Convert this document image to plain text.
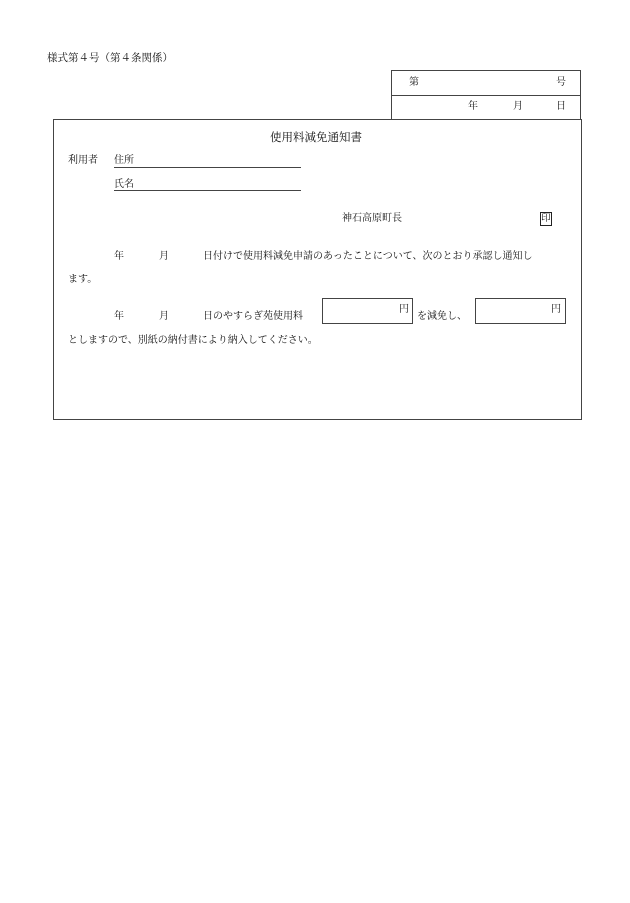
様式第４号（第４条関係）
第	号
年	月	日
使用料減免通知書
利用者 住所
氏名
神石高原町長	印
年	月	日付けで使用料減免申請のあったことについて、次のとおり承認し通知し
ます。
年	月	日のやすらぎ苑使用料
円
を減免し、
円
としますので、別紙の納付書により納入してください。
